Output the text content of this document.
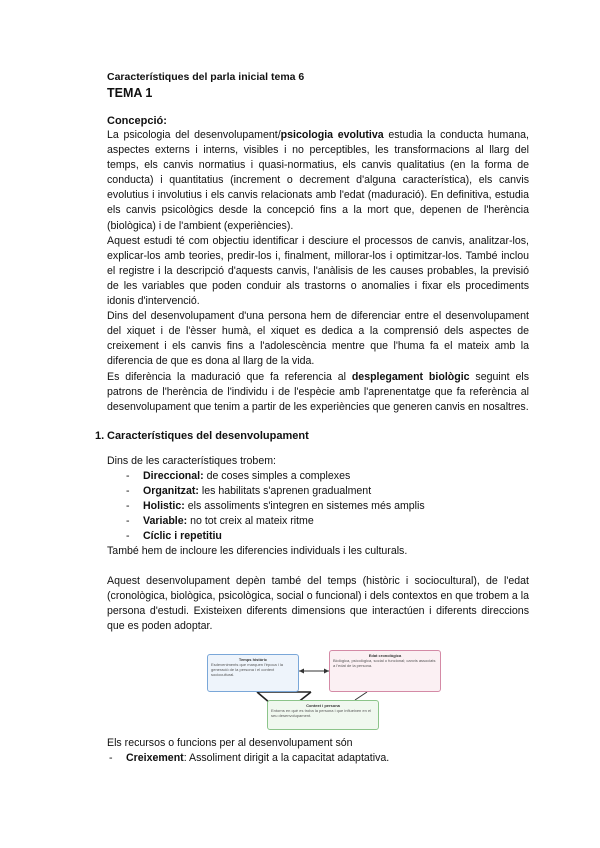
Característiques del parla inicial tema 6
TEMA 1
Concepció:

La psicologia del desenvolupament/psicologia evolutiva estudia la conducta humana, aspectes externs i interns, visibles i no perceptibles, les transformacions al llarg del temps, els canvis normatius i quasi-normatius, els canvis qualitatius (en la forma de conducta) i quantitatius (increment o decrement d'alguna característica), els canvis evolutius i involutius i els canvis relacionats amb l'edat (maduració). En definitiva, estudia els canvis psicològics desde la concepció fins a la mort que, depenen de l'herència (biològica) i de l'ambient (experiències).

Aquest estudi té com objectiu identificar i desciure el processos de canvis, analitzar-los, explicar-los amb teories, predir-los i, finalment, millorar-los i optimitzar-los. També inclou el registre i la descripció d'aquests canvis, l'anàlisis de les causes probables, la previsió de les variables que poden conduir als trastorns o anomalies i fixar els procediments idonis d'intervenció.

Dins del desenvolupament d'una persona hem de diferenciar entre el desenvolupament del xiquet i de l'èsser humà, el xiquet es dedica a la comprensió dels aspectes de creixement i els canvis fins a l'adolescència mentre que l'huma fa el mateix amb la diferencia de que es dona al llarg de la vida.

Es diferència la maduració que fa referencia al desplegament biològic seguint els patrons de l'herència de l'individu i de l'espècie amb l'aprenentatge que fa referència al desenvolupament que tenim a partir de les experiències que generen canvis en nosaltres.

1. Característiques del desenvolupament

Dins de les característiques trobem:

- Direccional: de coses simples a complexes
- Organitzat: les habilitats s'aprenen gradualment
- Holistic: els assoliments s'integren en sistemes més amplis
- Variable: no tot creix al mateix ritme
- Cíclic i repetitiu

També hem de incloure les diferencies individuals i les culturals.

Aquest desenvolupament depèn també del temps (històric i sociocultural), de l'edat (cronològica, biològica, psicològica, social o funcional) i dels contextos en que trobem a la persona d'estudi. Existeixen diferents dimensions que interactúen i diferents direccions que es poden adoptar.

Temps històric
Esdeveniments que marquen l'època i la generació de la persona i el context sociocultural.
Edat cronològica
Biològica, psicològica, social o funcional; canvis associats a l'edat de la persona.
Context i persona
Entorns en què es troba la persona i que influeixen en el seu desenvolupament.

Els recursos o funcions per al desenvolupament són

- Creixement: Assoliment dirigit a la capacitat adaptativa.
